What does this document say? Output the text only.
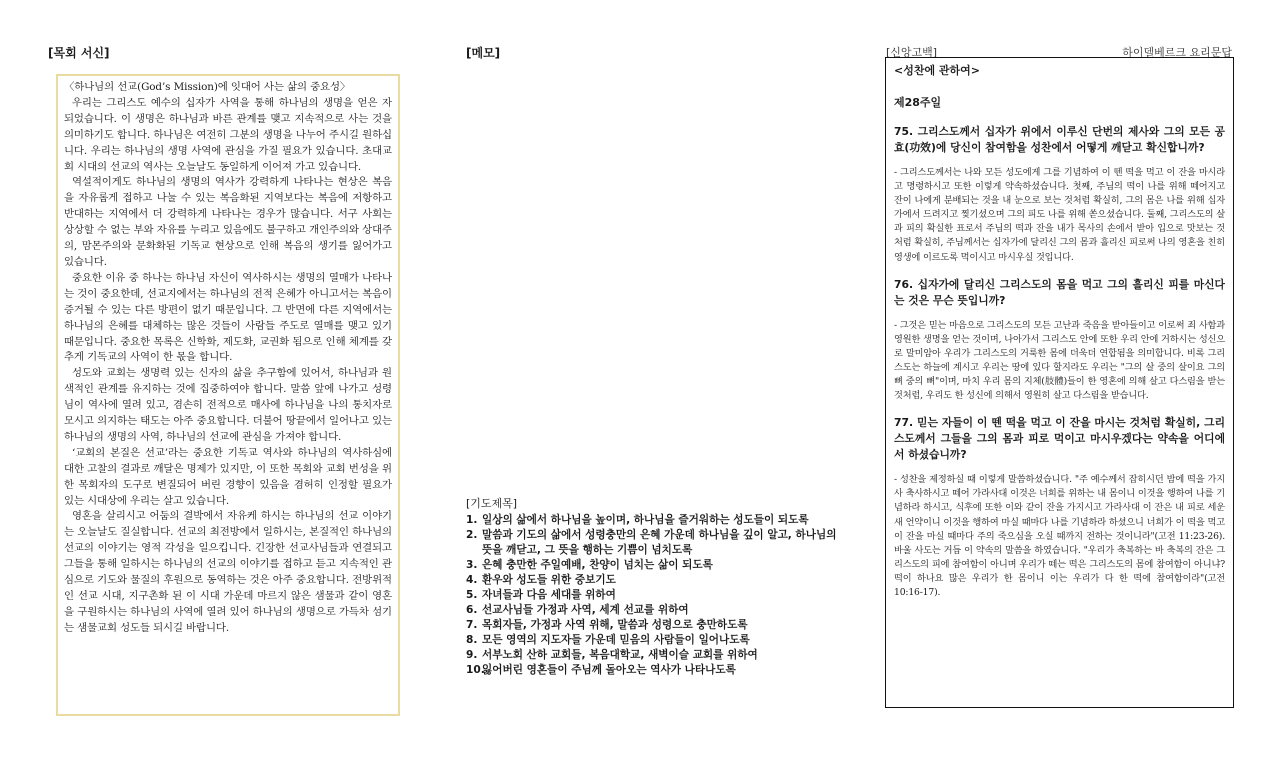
[목회 서신]

〈하나님의 선교(God’s Mission)에 잇대어 사는 삶의 중요성〉

우리는 그리스도 예수의 십자가 사역을 통해 하나님의 생명을 얻은 자 되었습니다. 이 생명은 하나님과 바른 관계를 맺고 지속적으로 사는 것을 의미하기도 합니다. 하나님은 여전히 그분의 생명을 나누어 주시길 원하십니다. 우리는 하나님의 생명 사역에 관심을 가질 필요가 있습니다. 초대교회 시대의 선교의 역사는 오늘날도 동일하게 이어져 가고 있습니다.

역설적이게도 하나님의 생명의 역사가 강력하게 나타나는 현상은 복음을 자유롭게 접하고 나눌 수 있는 복음화된 지역보다는 복음에 저항하고 반대하는 지역에서 더 강력하게 나타나는 경우가 많습니다. 서구 사회는 상상할 수 없는 부와 자유를 누리고 있음에도 불구하고 개인주의와 상대주의, 맘몬주의와 문화화된 기독교 현상으로 인해 복음의 생기를 잃어가고 있습니다.

중요한 이유 중 하나는 하나님 자신이 역사하시는 생명의 열매가 나타나는 것이 중요한데, 선교지에서는 하나님의 전적 은혜가 아니고서는 복음이 증거될 수 있는 다른 방편이 없기 때문입니다. 그 반면에 다른 지역에서는 하나님의 은혜를 대체하는 많은 것들이 사람들 주도로 열매를 맺고 있기 때문입니다. 중요한 목록은 신학화, 제도화, 교권화 됨으로 인해 체계를 갖추게 기독교의 사역이 한 몫을 합니다.

성도와 교회는 생명력 있는 신자의 삶을 추구함에 있어서, 하나님과 원색적인 관계를 유지하는 것에 집중하여야 합니다. 말씀 앞에 나가고 성령님이 역사에 열려 있고, 겸손히 전적으로 매사에 하나님을 나의 통치자로 모시고 의지하는 태도는 아주 중요합니다. 더불어 땅끝에서 일어나고 있는 하나님의 생명의 사역, 하나님의 선교에 관심을 가져야 합니다.

‘교회의 본질은 선교’라는 중요한 기독교 역사와 하나님의 역사하심에 대한 고찰의 결과로 깨달은 명제가 있지만, 이 또한 목회와 교회 번성을 위한 목회자의 도구로 변질되어 버린 경향이 있음을 겸허히 인정할 필요가 있는 시대상에 우리는 살고 있습니다.

영혼을 살리시고 어둠의 결박에서 자유케 하시는 하나님의 선교 이야기는 오늘날도 질실합니다. 선교의 최전방에서 일하시는, 본질적인 하나님의 선교의 이야기는 영적 각성을 일으킵니다. 긴장한 선교사님들과 연결되고 그들을 통해 일하시는 하나님의 선교의 이야기를 접하고 듣고 지속적인 관심으로 기도와 물질의 후원으로 동역하는 것은 아주 중요합니다. 전방위적인 선교 시대, 지구촌화 된 이 시대 가운데 마르지 않은 샘물과 같이 영혼을 구원하시는 하나님의 사역에 열려 있어 하나님의 생명으로 가득차 섬기는 샘물교회 성도들 되시길 바랍니다.

[메모]
[기도제목]
1. 일상의 삶에서 하나님을 높이며, 하나님을 즐거워하는 성도들이 되도록
2. 말씀과 기도의 삶에서 성령충만의 은혜 가운데 하나님을 깊이 알고, 하나님의 뜻을 깨닫고, 그 뜻을 행하는 기쁨이 넘치도록
3. 은혜 충만한 주일예배, 찬양이 넘치는 삶이 되도록
4. 환우와 성도들 위한 중보기도
5. 자녀들과 다음 세대를 위하여
6. 선교사님들 가정과 사역, 세계 선교를 위하여
7. 목회자들, 가정과 사역 위해, 말씀과 성령으로 충만하도록
8. 모든 영역의 지도자들 가운데 믿음의 사람들이 일어나도록
9. 서부노회 산하 교회들, 복음대학교, 새벽이슬 교회를 위하여
10.
잃어버린 영혼들이 주님께 돌아오는 역사가 나타나도록
[신앙고백]	하이델베르크 요리문답
<성찬에 관하여>
제28주일
75. 그리스도께서 십자가 위에서 이루신 단번의 제사와 그의 모든 공효(功效)에 당신이 참여함을 성찬에서 어떻게 깨닫고 확신합니까?
- 그리스도께서는 나와 모든 성도에게 그를 기념하여 이 뗀 떡을 먹고 이 잔을 마시라고 명령하시고 또한 이렇게 약속하셨습니다. 첫째, 주님의 떡이 나를 위해 떼어지고 잔이 나에게 분배되는 것을 내 눈으로 보는 것처럼 확실히, 그의 몸은 나를 위해 십자가에서 드려지고 찢기셨으며 그의 피도 나를 위해 쏟으셨습니다. 둘째, 그리스도의 살과 피의 확실한 표로서 주님의 떡과 잔을 내가 목사의 손에서 받아 입으로 맛보는 것처럼 확실히, 주님께서는 십자가에 달리신 그의 몸과 흘리신 피로써 나의 영혼을 친히 영생에 이르도록 먹이시고 마시우실 것입니다.
76. 십자가에 달리신 그리스도의 몸을 먹고 그의 흘리신 피를 마신다는 것은 무슨 뜻입니까?
- 그것은 믿는 마음으로 그리스도의 모든 고난과 죽음을 받아들이고 이로써 죄 사함과 영원한 생명을 얻는 것이며, 나아가서 그리스도 안에 또한 우리 안에 거하시는 성신으로 말미암아 우리가 그리스도의 거룩한 몸에 더욱더 연합됨을 의미합니다. 비록 그리스도는 하늘에 계시고 우리는 땅에 있다 할지라도 우리는 "그의 살 중의 살이요 그의 뼈 중의 뼈"이며, 마치 우리 몸의 지체(肢體)들이 한 영혼에 의해 살고 다스림을 받는 것처럼, 우리도 한 성신에 의해서 영원히 살고 다스림을 받습니다.
77. 믿는 자들이 이 뗀 떡을 먹고 이 잔을 마시는 것처럼 확실히, 그리스도께서 그들을 그의 몸과 피로 먹이고 마시우겠다는 약속을 어디에서 하셨습니까?
- 성찬을 제정하실 때 이렇게 말씀하셨습니다. "주 예수께서 잡히시던 밤에 떡을 가지사 축사하시고 떼어 가라사대 이것은 너희를 위하는 내 몸이니 이것을 행하여 나를 기념하라 하시고, 식후에 또한 이와 같이 잔을 가지시고 가라사대 이 잔은 내 피로 세운 새 언약이니 이것을 행하여 마실 때마다 나를 기념하라 하셨으니 너희가 이 떡을 먹고 이 잔을 마실 때마다 주의 죽으심을 오실 때까지 전하는 것이니라"(고전 11:23-26). 바울 사도는 거듭 이 약속의 말씀을 하였습니다. "우리가 축복하는 바 축복의 잔은 그리스도의 피에 참여함이 아니며 우리가 떼는 떡은 그리스도의 몸에 참여함이 아니냐? 떡이 하나요 많은 우리가 한 몸이니 이는 우리가 다 한 떡에 참여함이라"(고전 10:16-17).
